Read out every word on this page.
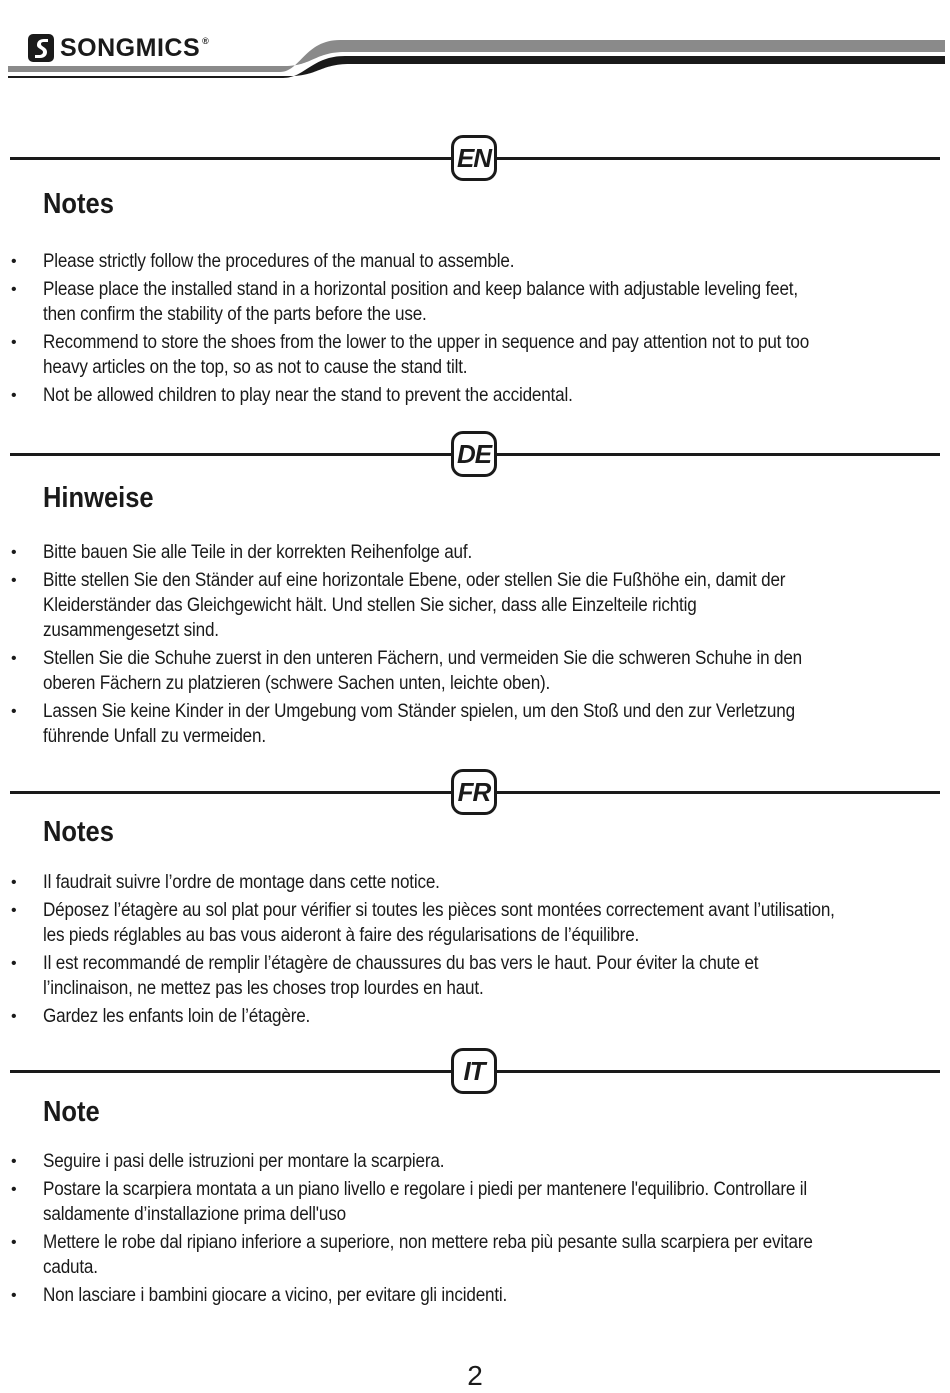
SONGMICS ®
EN
Notes
• Please strictly follow the procedures of the manual to assemble.
• Please place the installed stand in a horizontal position and keep balance with adjustable leveling feet, then confirm the stability of the parts before the use.
• Recommend to store the shoes from the lower to the upper in sequence and pay attention not to put too heavy articles on the top, so as not to cause the stand tilt.
• Not be allowed children to play near the stand to prevent the accidental.
DE
Hinweise
• Bitte bauen Sie alle Teile in der korrekten Reihenfolge auf.
• Bitte stellen Sie den Ständer auf eine horizontale Ebene, oder stellen Sie die Fußhöhe ein, damit der Kleiderständer das Gleichgewicht hält. Und stellen Sie sicher, dass alle Einzelteile richtig zusammengesetzt sind.
• Stellen Sie die Schuhe zuerst in den unteren Fächern, und vermeiden Sie die schweren Schuhe in den oberen Fächern zu platzieren (schwere Sachen unten, leichte oben).
• Lassen Sie keine Kinder in der Umgebung vom Ständer spielen, um den Stoß und den zur Verletzung führende Unfall zu vermeiden.
FR
Notes
• Il faudrait suivre l’ordre de montage dans cette notice.
• Déposez l’étagère au sol plat pour vérifier si toutes les pièces sont montées correctement avant l’utilisation, les pieds réglables au bas vous aideront à faire des régularisations de l’équilibre.
• Il est recommandé de remplir l’étagère de chaussures du bas vers le haut. Pour éviter la chute et l’inclinaison, ne mettez pas les choses trop lourdes en haut.
• Gardez les enfants loin de l’étagère.
IT
Note
• Seguire i pasi delle istruzioni per montare la scarpiera.
• Postare la scarpiera montata a un piano livello e regolare i piedi per mantenere l'equilibrio. Controllare il saldamente d’installazione prima dell'uso
• Mettere le robe dal ripiano inferiore a superiore, non mettere reba più pesante sulla scarpiera per evitare caduta.
• Non lasciare i bambini giocare a vicino, per evitare gli incidenti.
2
